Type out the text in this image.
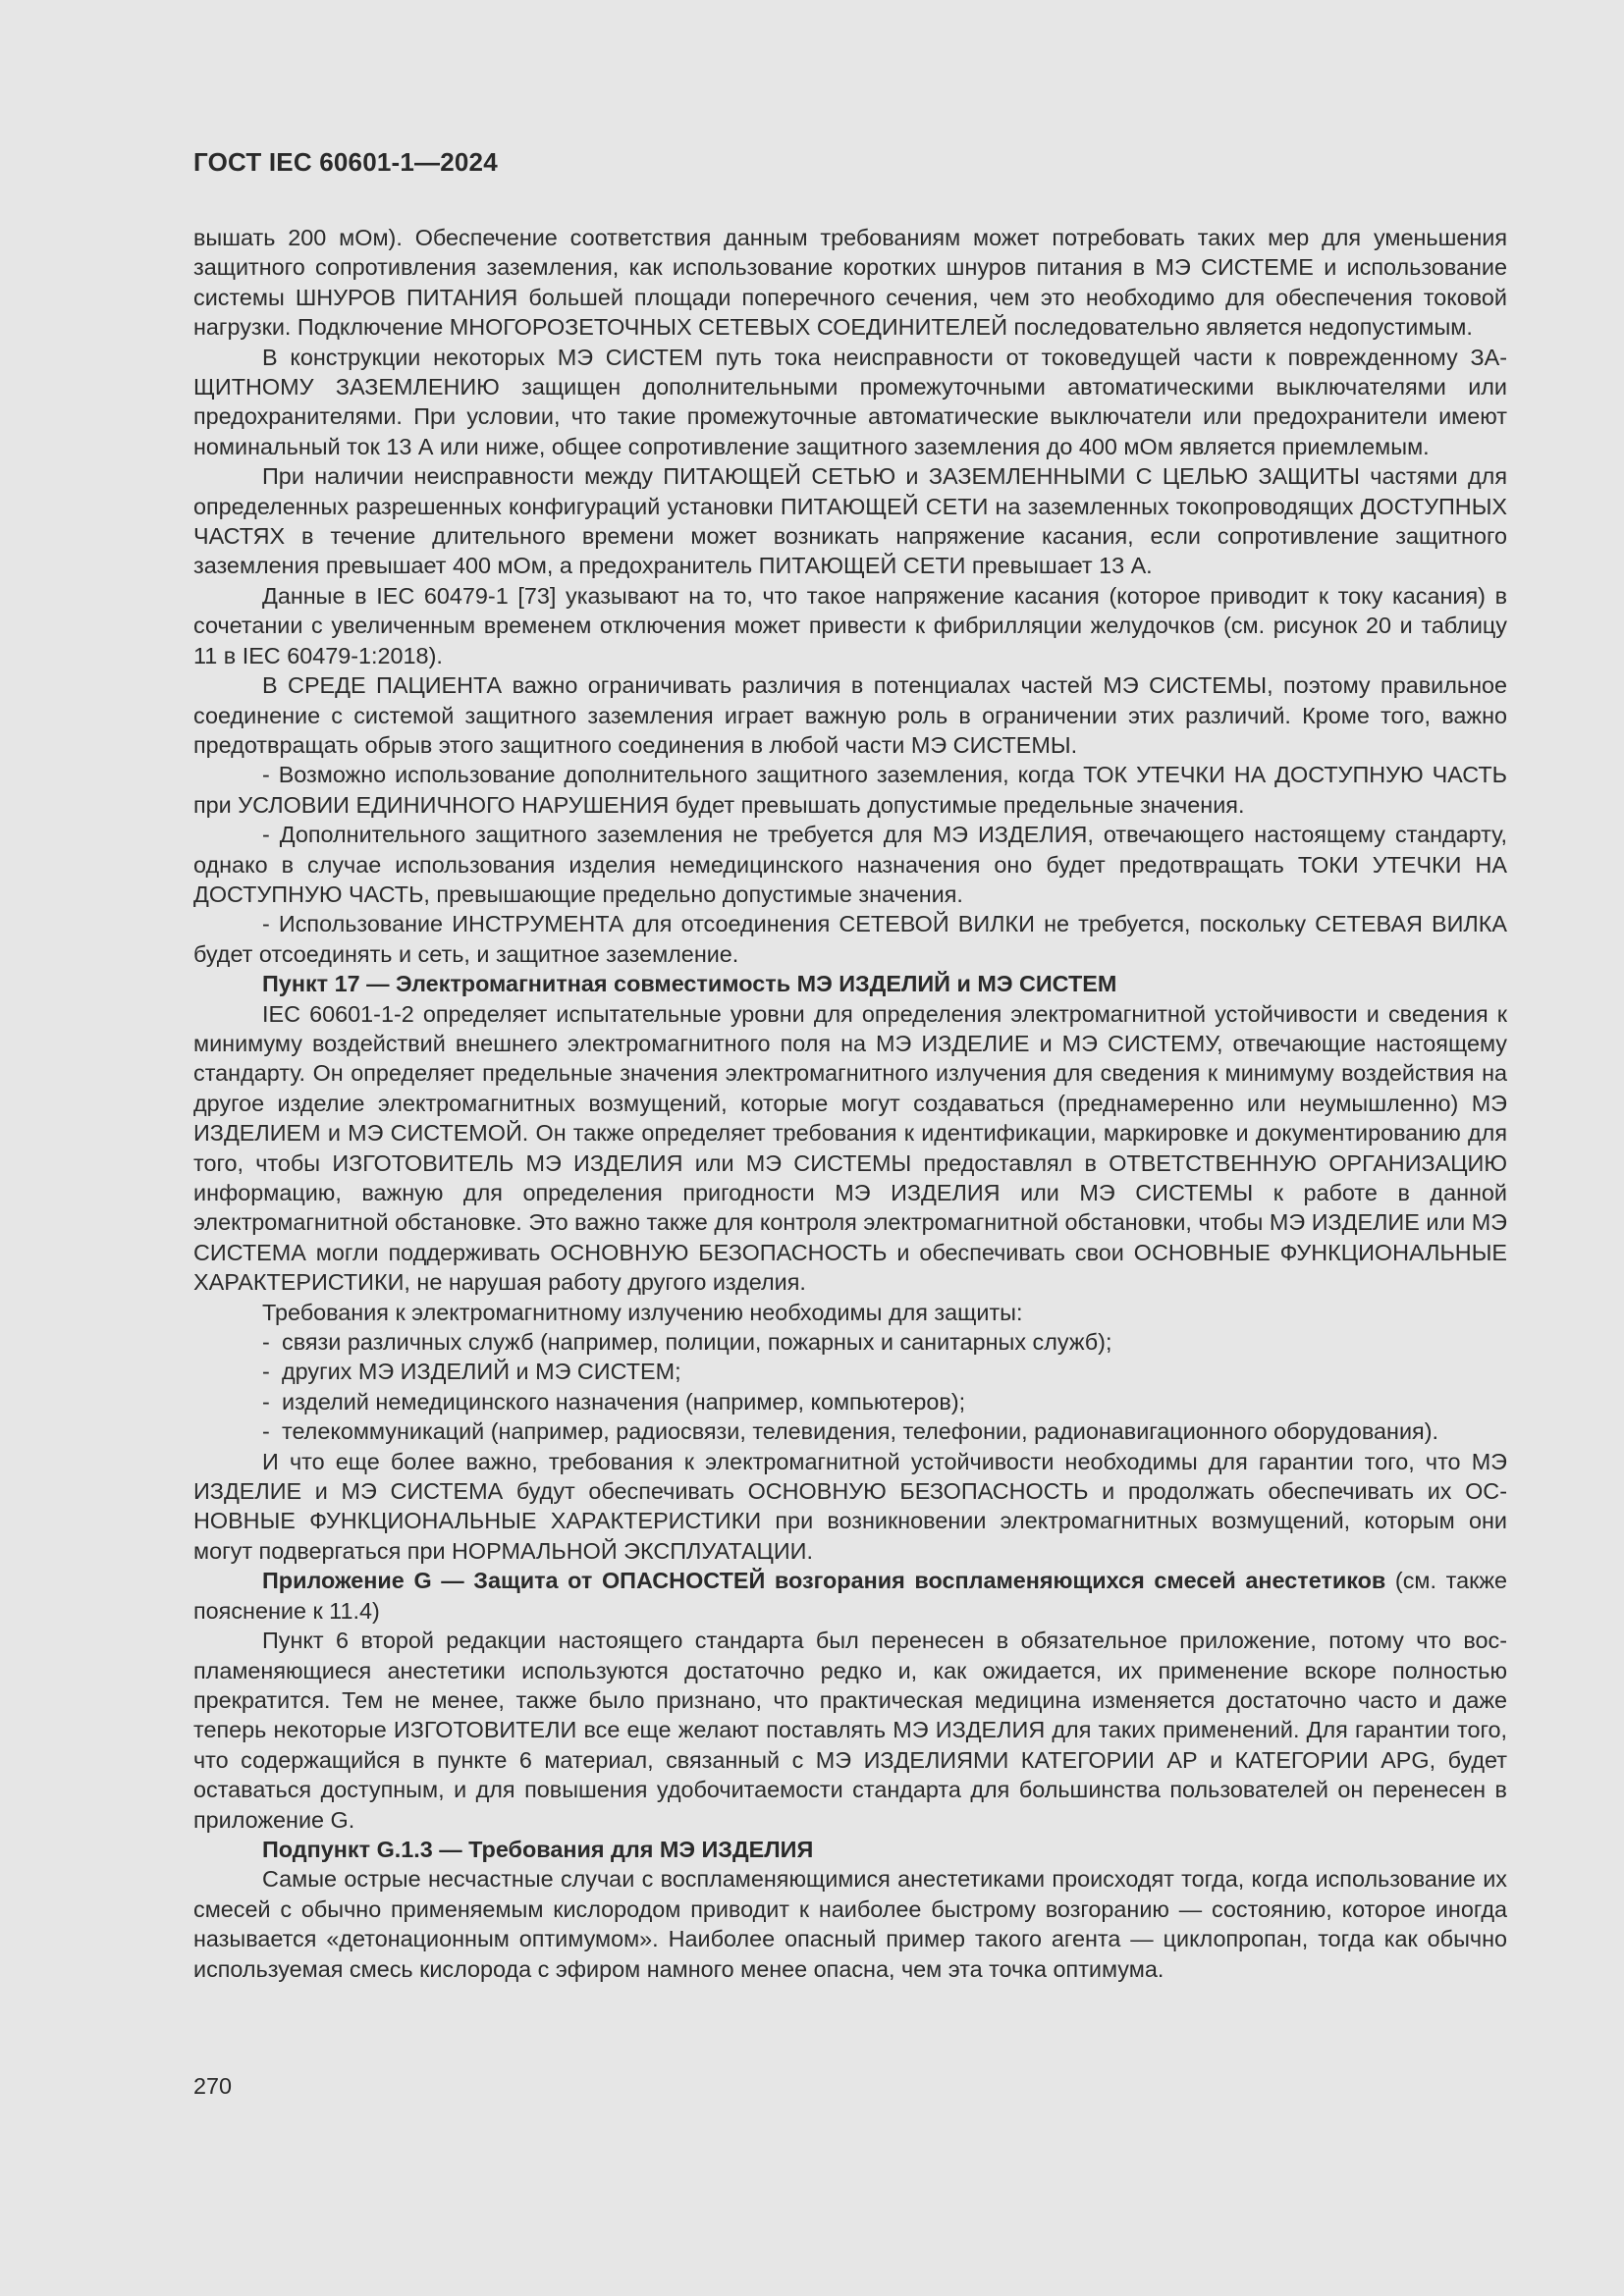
ГОСТ IEC 60601-1—2024

вышать 200 мОм). Обеспечение соответствия данным требованиям может потребовать таких мер для уменьшения защитного сопротивления заземления, как использование коротких шнуров питания в МЭ СИСТЕМЕ и использование системы ШНУРОВ ПИТАНИЯ большей площади поперечного сечения, чем это необходимо для обеспечения токовой нагрузки. Подключение МНОГОРОЗЕТОЧНЫХ СЕТЕВЫХ СОЕДИНИТЕЛЕЙ последовательно является недопустимым.

В конструкции некоторых МЭ СИСТЕМ путь тока неисправности от токоведущей части к поврежденному ЗАЩИТНОМУ ЗАЗЕМЛЕНИЮ защищен дополнительными промежуточными автоматическими выключателями или предохранителями. При условии, что такие промежуточные автоматические выключатели или предохранители имеют номинальный ток 13 А или ниже, общее сопротивление защитного заземления до 400 мОм является приемлемым.

При наличии неисправности между ПИТАЮЩЕЙ СЕТЬЮ и ЗАЗЕМЛЕННЫМИ С ЦЕЛЬЮ ЗАЩИТЫ частями для определенных разрешенных конфигураций установки ПИТАЮЩЕЙ СЕТИ на заземленных токопроводящих ДОСТУПНЫХ ЧАСТЯХ в течение длительного времени может возникать напряжение касания, если сопротивление защитного заземления превышает 400 мОм, а предохранитель ПИТАЮЩЕЙ СЕТИ превышает 13 А.

Данные в IEC 60479-1 [73] указывают на то, что такое напряжение касания (которое приводит к току касания) в сочетании с увеличенным временем отключения может привести к фибрилляции желудочков (см. рисунок 20 и таблицу 11 в IEC 60479-1:2018).

В СРЕДЕ ПАЦИЕНТА важно ограничивать различия в потенциалах частей МЭ СИСТЕМЫ, поэтому правильное соединение с системой защитного заземления играет важную роль в ограничении этих различий. Кроме того, важно предотвращать обрыв этого защитного соединения в любой части МЭ СИСТЕМЫ.

- Возможно использование дополнительного защитного заземления, когда ТОК УТЕЧКИ НА ДОСТУПНУЮ ЧАСТЬ при УСЛОВИИ ЕДИНИЧНОГО НАРУШЕНИЯ будет превышать допустимые предельные значения.

- Дополнительного защитного заземления не требуется для МЭ ИЗДЕЛИЯ, отвечающего настоящему стандарту, однако в случае использования изделия немедицинского назначения оно будет предотвращать ТОКИ УТЕЧКИ НА ДОСТУПНУЮ ЧАСТЬ, превышающие предельно допустимые значения.

- Использование ИНСТРУМЕНТА для отсоединения СЕТЕВОЙ ВИЛКИ не требуется, поскольку СЕТЕВАЯ ВИЛКА будет отсоединять и сеть, и защитное заземление.

Пункт 17 — Электромагнитная совместимость МЭ ИЗДЕЛИЙ и МЭ СИСТЕМ

IEC 60601-1-2 определяет испытательные уровни для определения электромагнитной устойчивости и сведения к минимуму воздействий внешнего электромагнитного поля на МЭ ИЗДЕЛИЕ и МЭ СИСТЕМУ, отвечающие настоящему стандарту. Он определяет предельные значения электромагнитного излучения для сведения к минимуму воздействия на другое изделие электромагнитных возмущений, которые могут создаваться (преднамеренно или неумышленно) МЭ ИЗДЕЛИЕМ и МЭ СИСТЕМОЙ. Он также определяет требования к идентификации, маркировке и документированию для того, чтобы ИЗГОТОВИТЕЛЬ МЭ ИЗДЕЛИЯ или МЭ СИСТЕМЫ предоставлял в ОТВЕТСТВЕННУЮ ОРГАНИЗАЦИЮ информацию, важную для определения пригодности МЭ ИЗДЕЛИЯ или МЭ СИСТЕМЫ к работе в данной электромагнитной обстановке. Это важно также для контроля электромагнитной обстановки, чтобы МЭ ИЗДЕЛИЕ или МЭ СИСТЕМА могли поддерживать ОСНОВНУЮ БЕЗОПАСНОСТЬ и обеспечивать свои ОСНОВНЫЕ ФУНКЦИОНАЛЬНЫЕ ХАРАКТЕРИСТИКИ, не нарушая работу другого изделия.

Требования к электромагнитному излучению необходимы для защиты:

- связи различных служб (например, полиции, пожарных и санитарных служб);
- других МЭ ИЗДЕЛИЙ и МЭ СИСТЕМ;
- изделий немедицинского назначения (например, компьютеров);
- телекоммуникаций (например, радиосвязи, телевидения, телефонии, радионавигационного оборудования).

И что еще более важно, требования к электромагнитной устойчивости необходимы для гарантии того, что МЭ ИЗДЕЛИЕ и МЭ СИСТЕМА будут обеспечивать ОСНОВНУЮ БЕЗОПАСНОСТЬ и продолжать обеспечивать их ОСНОВНЫЕ ФУНКЦИОНАЛЬНЫЕ ХАРАКТЕРИСТИКИ при возникновении электромагнитных возмущений, которым они могут подвергаться при НОРМАЛЬНОЙ ЭКСПЛУАТАЦИИ.

Приложение G — Защита от ОПАСНОСТЕЙ возгорания воспламеняющихся смесей анестетиков (см. также пояснение к 11.4)

Пункт 6 второй редакции настоящего стандарта был перенесен в обязательное приложение, потому что воспламеняющиеся анестетики используются достаточно редко и, как ожидается, их применение вскоре полностью прекратится. Тем не менее, также было признано, что практическая медицина изменяется достаточно часто и даже теперь некоторые ИЗГОТОВИТЕЛИ все еще желают поставлять МЭ ИЗДЕЛИЯ для таких применений. Для гарантии того, что содержащийся в пункте 6 материал, связанный с МЭ ИЗДЕЛИЯМИ КАТЕГОРИИ АР и КАТЕГОРИИ APG, будет оставаться доступным, и для повышения удобочитаемости стандарта для большинства пользователей он перенесен в приложение G.

Подпункт G.1.3 — Требования для МЭ ИЗДЕЛИЯ

Самые острые несчастные случаи с воспламеняющимися анестетиками происходят тогда, когда использование их смесей с обычно применяемым кислородом приводит к наиболее быстрому возгоранию — состоянию, которое иногда называется «детонационным оптимумом». Наиболее опасный пример такого агента — циклопропан, тогда как обычно используемая смесь кислорода с эфиром намного менее опасна, чем эта точка оптимума.

270
